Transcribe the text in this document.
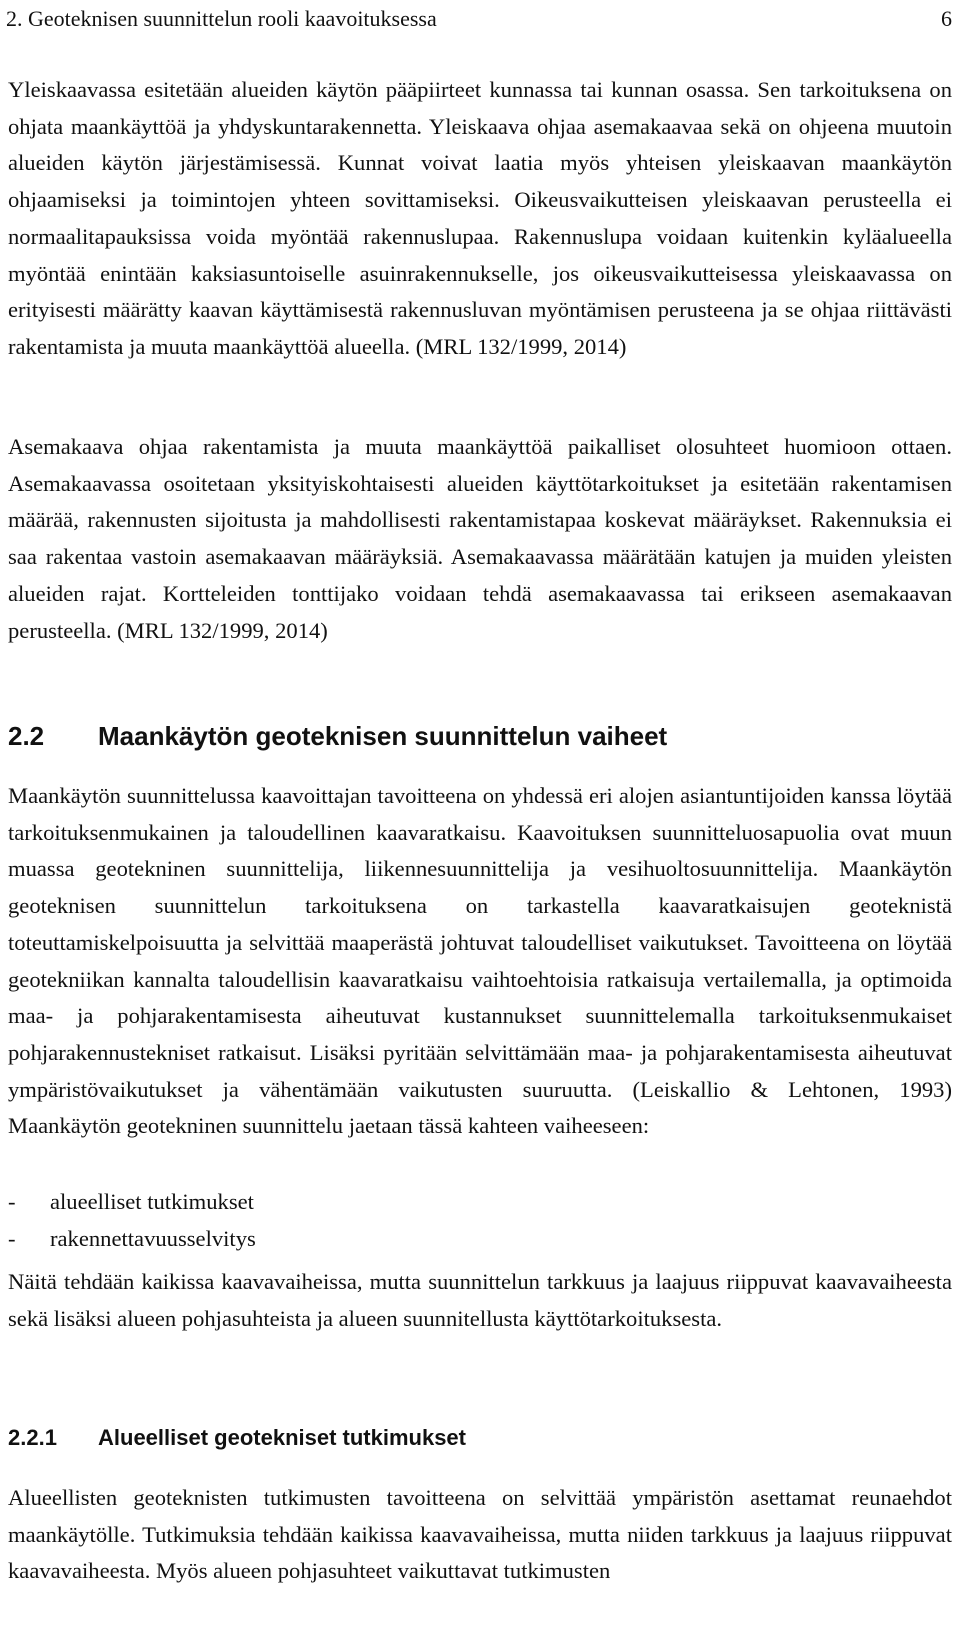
2. Geoteknisen suunnittelun rooli kaavoituksessa	6

Yleiskaavassa esitetään alueiden käytön pääpiirteet kunnassa tai kunnan osassa. Sen tarkoituksena on ohjata maankäyttöä ja yhdyskuntarakennetta. Yleiskaava ohjaa asemakaavaa sekä on ohjeena muutoin alueiden käytön järjestämisessä. Kunnat voivat laatia myös yhteisen yleiskaavan maankäytön ohjaamiseksi ja toimintojen yhteen sovittamiseksi. Oikeusvaikutteisen yleiskaavan perusteella ei normaalitapauksissa voida myöntää rakennuslupaa. Rakennuslupa voidaan kuitenkin kyläalueella myöntää enintään kaksiasuntoiselle asuinrakennukselle, jos oikeusvaikutteisessa yleiskaavassa on erityisesti määrätty kaavan käyttämisestä rakennusluvan myöntämisen perusteena ja se ohjaa riittävästi rakentamista ja muuta maankäyttöä alueella. (MRL 132/1999, 2014)

Asemakaava ohjaa rakentamista ja muuta maankäyttöä paikalliset olosuhteet huomioon ottaen. Asemakaavassa osoitetaan yksityiskohtaisesti alueiden käyttötarkoitukset ja esitetään rakentamisen määrää, rakennusten sijoitusta ja mahdollisesti rakentamistapaa koskevat määräykset. Rakennuksia ei saa rakentaa vastoin asemakaavan määräyksiä. Asemakaavassa määrätään katujen ja muiden yleisten alueiden rajat. Kortteleiden tonttijako voidaan tehdä asemakaavassa tai erikseen asemakaavan perusteella. (MRL 132/1999, 2014)

2.2 Maankäytön geoteknisen suunnittelun vaiheet

Maankäytön suunnittelussa kaavoittajan tavoitteena on yhdessä eri alojen asiantuntijoiden kanssa löytää tarkoituksenmukainen ja taloudellinen kaavaratkaisu. Kaavoituksen suunnitteluosapuolia ovat muun muassa geotekninen suunnittelija, liikennesuunnittelija ja vesihuoltosuunnittelija. Maankäytön geoteknisen suunnittelun tarkoituksena on tarkastella kaavaratkaisujen geoteknistä toteuttamiskelpoisuutta ja selvittää maaperästä johtuvat taloudelliset vaikutukset. Tavoitteena on löytää geotekniikan kannalta taloudellisin kaavaratkaisu vaihtoehtoisia ratkaisuja vertailemalla, ja optimoida maa- ja pohjarakentamisesta aiheutuvat kustannukset suunnittelemalla tarkoituksenmukaiset pohjarakennustekniset ratkaisut. Lisäksi pyritään selvittämään maa- ja pohjarakentamisesta aiheutuvat ympäristövaikutukset ja vähentämään vaikutusten suuruutta. (Leiskallio & Lehtonen, 1993) Maankäytön geotekninen suunnittelu jaetaan tässä kahteen vaiheeseen:

- alueelliset tutkimukset
- rakennettavuusselvitys

Näitä tehdään kaikissa kaavavaiheissa, mutta suunnittelun tarkkuus ja laajuus riippuvat kaavavaiheesta sekä lisäksi alueen pohjasuhteista ja alueen suunnitellusta käyttötarkoituksesta.

2.2.1 Alueelliset geotekniset tutkimukset

Alueellisten geoteknisten tutkimusten tavoitteena on selvittää ympäristön asettamat reunaehdot maankäytölle. Tutkimuksia tehdään kaikissa kaavavaiheissa, mutta niiden tarkkuus ja laajuus riippuvat kaavavaiheesta. Myös alueen pohjasuhteet vaikuttavat tutkimusten
